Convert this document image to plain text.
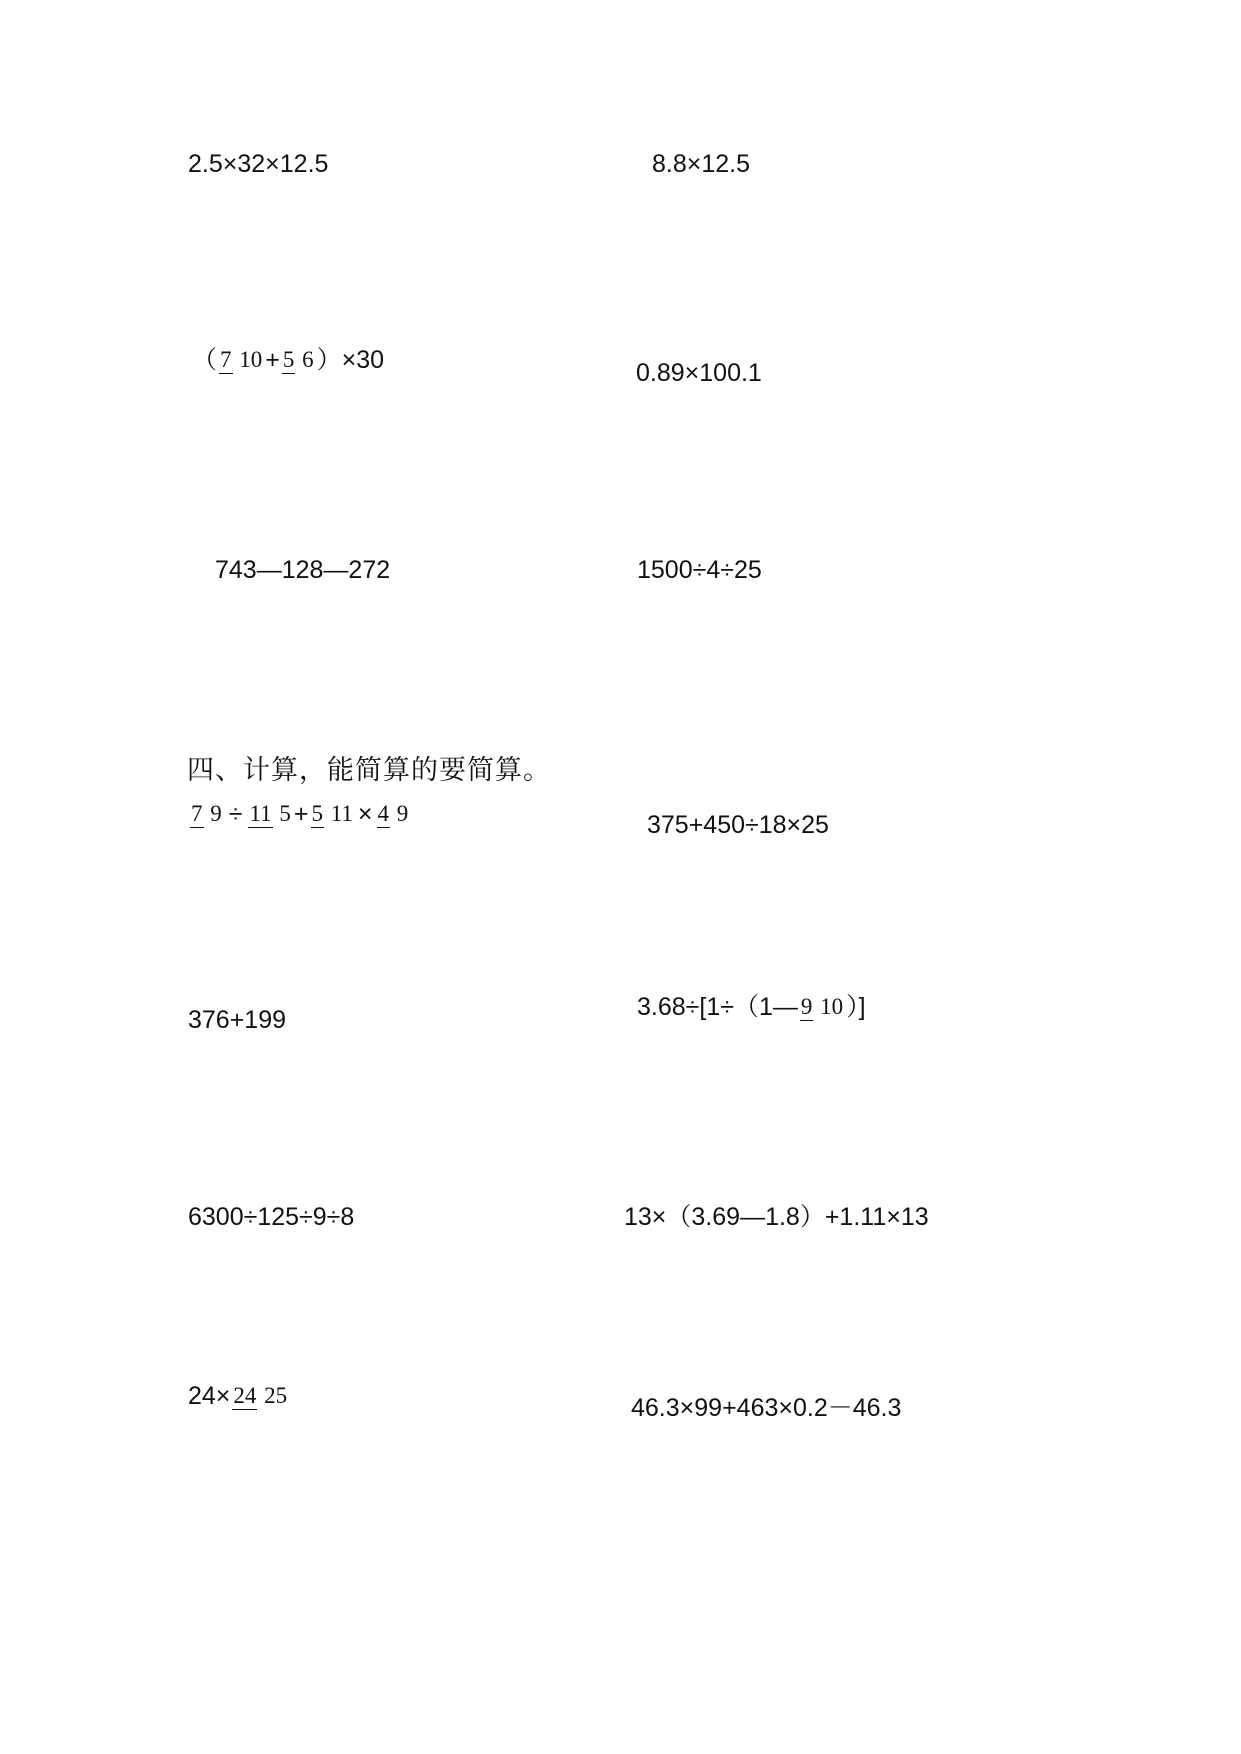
2.5×32×12.5	8.8×12.5
（ 7 10 + 5 6 ）×30	0.89×100.1
743—128—272	1500÷4÷25
四、计算，能简算的要简算。
7 9 ÷ 11 5 + 5 11 × 4 9	375+450÷18×25
376+199	3.68÷[1÷（1— 9 10 ）]
6300÷125÷9÷8	13×（3.69—1.8）+1.11×13
24× 24 25	46.3×99+463×0.2－46.3
